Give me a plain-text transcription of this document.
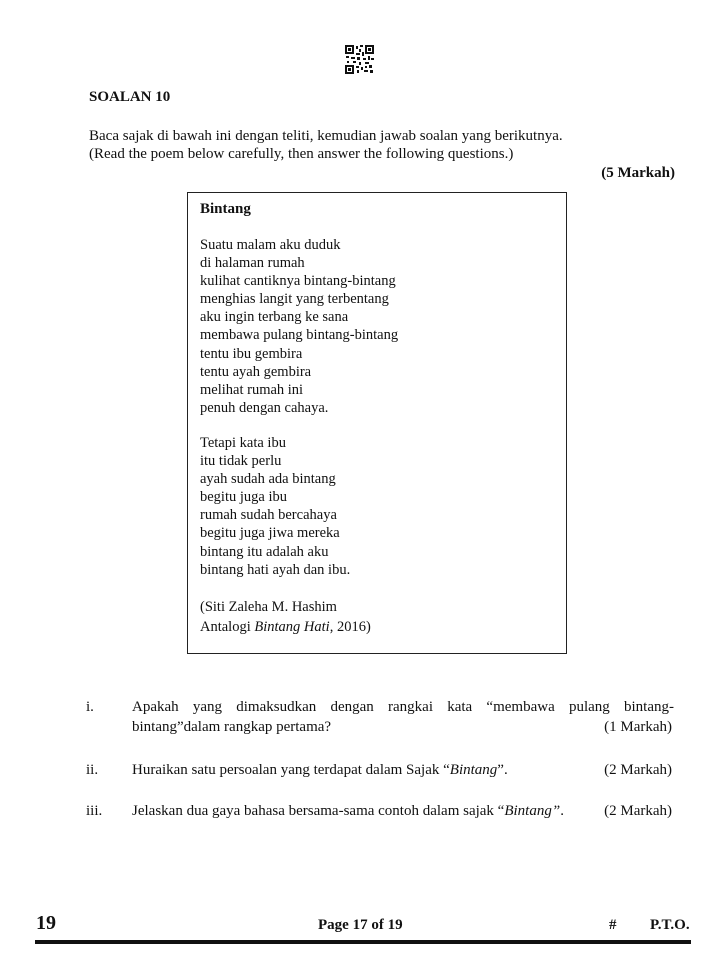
SOALAN 10
Baca sajak di bawah ini dengan teliti, kemudian jawab soalan yang berikutnya.
(Read the poem below carefully, then answer the following questions.)
(5 Markah)
Bintang
Suatu malam aku duduk
di halaman rumah
kulihat cantiknya bintang-bintang
menghias langit yang terbentang
aku ingin terbang ke sana
membawa pulang bintang-bintang
tentu ibu gembira
tentu ayah gembira
melihat rumah ini
penuh dengan cahaya.
Tetapi kata ibu
itu tidak perlu
ayah sudah ada bintang
begitu juga ibu
rumah sudah bercahaya
begitu juga jiwa mereka
bintang itu adalah aku
bintang hati ayah dan ibu.
(Siti Zaleha M. Hashim
Antalogi Bintang Hati, 2016)
i.	Apakah yang dimaksudkan dengan rangkai kata “membawa pulang bintang-
bintang”dalam rangkap pertama?	(1 Markah)
ii. Huraikan satu persoalan yang terdapat dalam Sajak “Bintang”.	(2 Markah)
iii. Jelaskan dua gaya bahasa bersama-sama contoh dalam sajak “Bintang”.	(2 Markah)
19	Page 17 of 19	# P.T.O.
